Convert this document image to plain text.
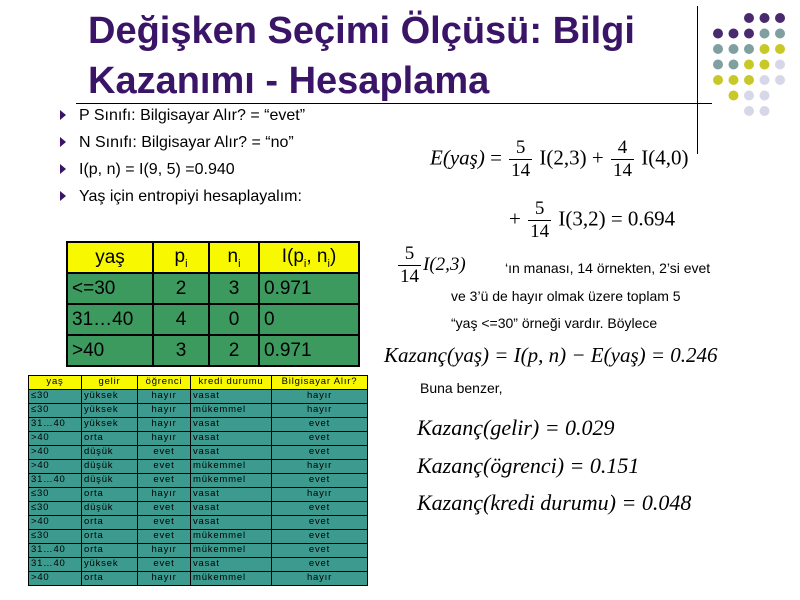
Değişken Seçimi Ölçüsü: Bilgi
Kazanımı - Hesaplama
P Sınıfı: Bilgisayar Alır? = “evet”
N Sınıfı: Bilgisayar Alır? = “no”
I(p, n) = I(9, 5) =0.940
Yaş için entropiyi hesaplayalım:
yaş	$p_i$	$n_i$	$I(p_i$, $n_i$)
<=30	2	3	0.971
31…40	4	0	0
>40	3	2	0.971
yaş	gelir	öğrenci	kredi durumu	Bilgisayar Alır?
≤30	yüksek	hayır	vasat	hayır
≤30	yüksek	hayır	mükemmel	hayır
31…40	yüksek	hayır	vasat	evet
>40	orta	hayır	vasat	evet
>40	düşük	evet	vasat	evet
>40	düşük	evet	mükemmel	hayır
31…40	düşük	evet	mükemmel	evet
≤30	orta	hayır	vasat	hayır
≤30	düşük	evet	vasat	evet
>40	orta	evet	vasat	evet
≤30	orta	evet	mükemmel	evet
31…40	orta	hayır	mükemmel	evet
31…40	yüksek	evet	vasat	evet
>40	orta	hayır	mükemmel	hayır
E(yaş) = $\frac{5}{14} I(2,3) + \frac{4}{14} I(4,0)$
+ $\frac{5}{14} I(3,2) = 0.694$
$\frac{5}{14} I(2,3)$	‘ın manası, 14 örnekten, 2’si evet
ve 3’ü de hayır olmak üzere toplam 5
“yaş <=30” örneği vardır. Böylece
Kazanç(yaş) = I(p, n) − E(yaş) = 0.246
Buna benzer,
Kazanç(gelir) = 0.029
Kazanç(ögrenci) = 0.151
Kazanç(kredi durumu) = 0.048
